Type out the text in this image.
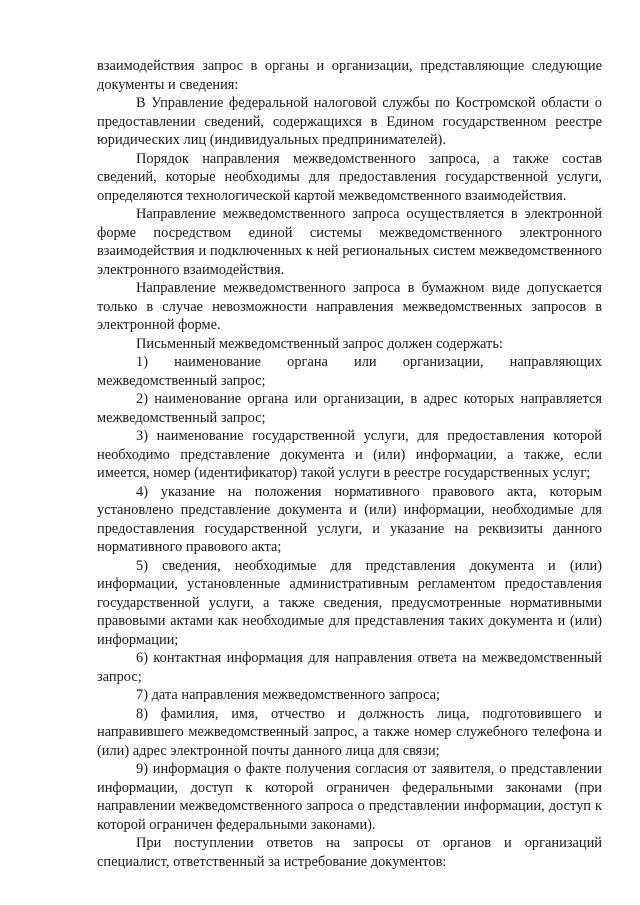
взаимодействия запрос в органы и организации, представляющие следующие документы и сведения:

В Управление федеральной налоговой службы по Костромской области о предоставлении сведений, содержащихся в Едином государственном реестре юридических лиц (индивидуальных предпринимателей).

Порядок направления межведомственного запроса, а также состав сведений, которые необходимы для предоставления государственной услуги, определяются технологической картой межведомственного взаимодействия.

Направление межведомственного запроса осуществляется в электронной форме посредством единой системы межведомственного электронного взаимодействия и подключенных к ней региональных систем межведомственного электронного взаимодействия.

Направление межведомственного запроса в бумажном виде допускается только в случае невозможности направления межведомственных запросов в электронной форме.

Письменный межведомственный запрос должен содержать:

1) наименование органа или организации, направляющих межведомственный запрос;

2) наименование органа или организации, в адрес которых направляется межведомственный запрос;

3) наименование государственной услуги, для предоставления которой необходимо представление документа и (или) информации, а также, если имеется, номер (идентификатор) такой услуги в реестре государственных услуг;

4) указание на положения нормативного правового акта, которым установлено представление документа и (или) информации, необходимые для предоставления государственной услуги, и указание на реквизиты данного нормативного правового акта;

5) сведения, необходимые для представления документа и (или) информации, установленные административным регламентом предоставления государственной услуги, а также сведения, предусмотренные нормативными правовыми актами как необходимые для представления таких документа и (или) информации;

6) контактная информация для направления ответа на межведомственный запрос;

7) дата направления межведомственного запроса;

8) фамилия, имя, отчество и должность лица, подготовившего и направившего межведомственный запрос, а также номер служебного телефона и (или) адрес электронной почты данного лица для связи;

9) информация о факте получения согласия от заявителя, о представлении информации, доступ к которой ограничен федеральными законами (при направлении межведомственного запроса о представлении информации, доступ к которой ограничен федеральными законами).

При поступлении ответов на запросы от органов и организаций специалист, ответственный за истребование документов:
